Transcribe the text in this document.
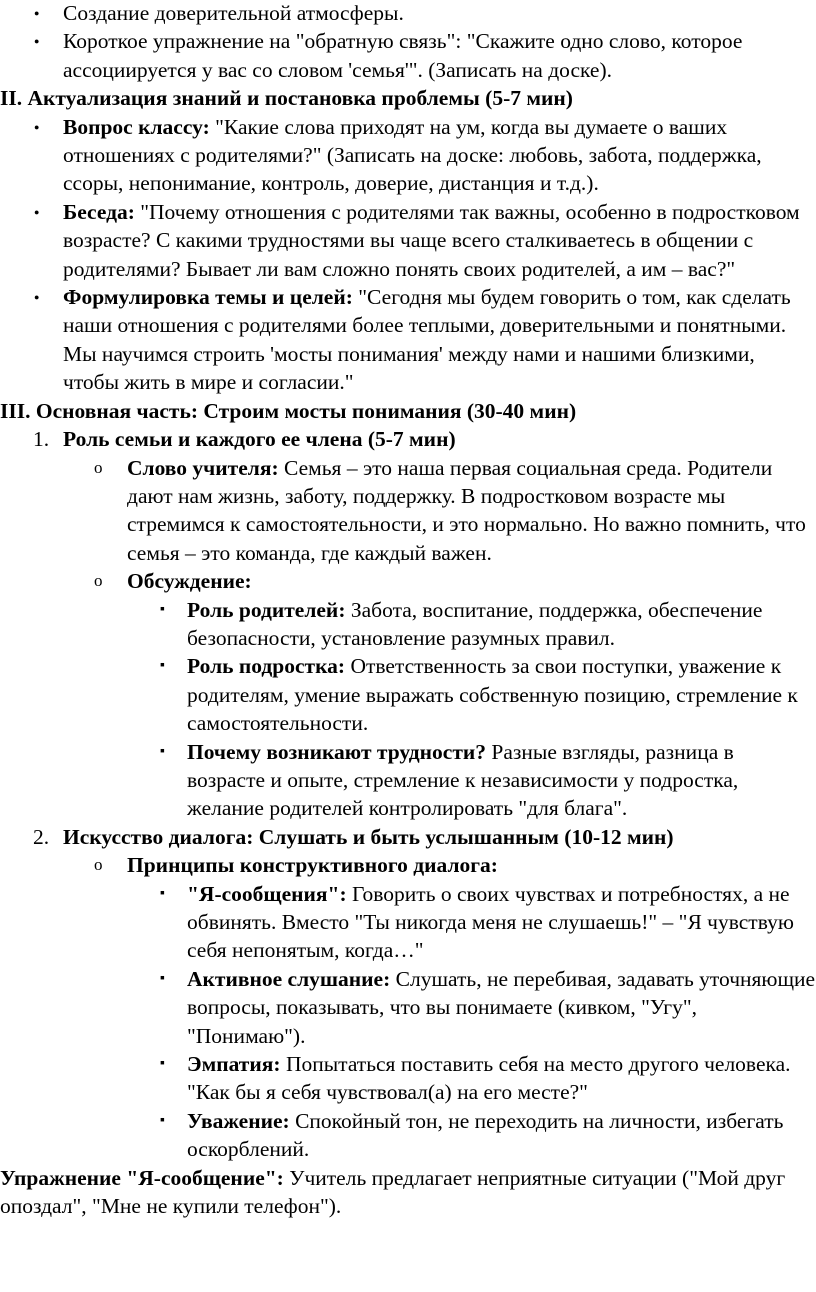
● Создание доверительной атмосферы.
● Короткое упражнение на "обратную связь": "Скажите одно слово, которое ассоциируется у вас со словом 'семья'". (Записать на доске).
II. Актуализация знаний и постановка проблемы (5-7 мин)
● Вопрос классу: "Какие слова приходят на ум, когда вы думаете о ваших отношениях с родителями?" (Записать на доске: любовь, забота, поддержка, ссоры, непонимание, контроль, доверие, дистанция и т.д.).
● Беседа: "Почему отношения с родителями так важны, особенно в подростковом возрасте? С какими трудностями вы чаще всего сталкиваетесь в общении с родителями? Бывает ли вам сложно понять своих родителей, а им – вас?"
● Формулировка темы и целей: "Сегодня мы будем говорить о том, как сделать наши отношения с родителями более теплыми, доверительными и понятными. Мы научимся строить 'мосты понимания' между нами и нашими близкими, чтобы жить в мире и согласии."
III. Основная часть: Строим мосты понимания (30-40 мин)
1. Роль семьи и каждого ее члена (5-7 мин)
o Слово учителя: Семья – это наша первая социальная среда. Родители дают нам жизнь, заботу, поддержку. В подростковом возрасте мы стремимся к самостоятельности, и это нормально. Но важно помнить, что семья – это команда, где каждый важен.
o Обсуждение:
▪ Роль родителей: Забота, воспитание, поддержка, обеспечение безопасности, установление разумных правил.
▪ Роль подростка: Ответственность за свои поступки, уважение к родителям, умение выражать собственную позицию, стремление к самостоятельности.
▪ Почему возникают трудности? Разные взгляды, разница в возрасте и опыте, стремление к независимости у подростка, желание родителей контролировать "для блага".
2. Искусство диалога: Слушать и быть услышанным (10-12 мин)
o Принципы конструктивного диалога:
▪ "Я-сообщения": Говорить о своих чувствах и потребностях, а не обвинять. Вместо "Ты никогда меня не слушаешь!" – "Я чувствую себя непонятым, когда…"
▪ Активное слушание: Слушать, не перебивая, задавать уточняющие вопросы, показывать, что вы понимаете (кивком, "Угу", "Понимаю").
▪ Эмпатия: Попытаться поставить себя на место другого человека. "Как бы я себя чувствовал(а) на его месте?"
▪ Уважение: Спокойный тон, не переходить на личности, избегать оскорблений.
Упражнение "Я-сообщение": Учитель предлагает неприятные ситуации ("Мой друг опоздал", "Мне не купили телефон").
